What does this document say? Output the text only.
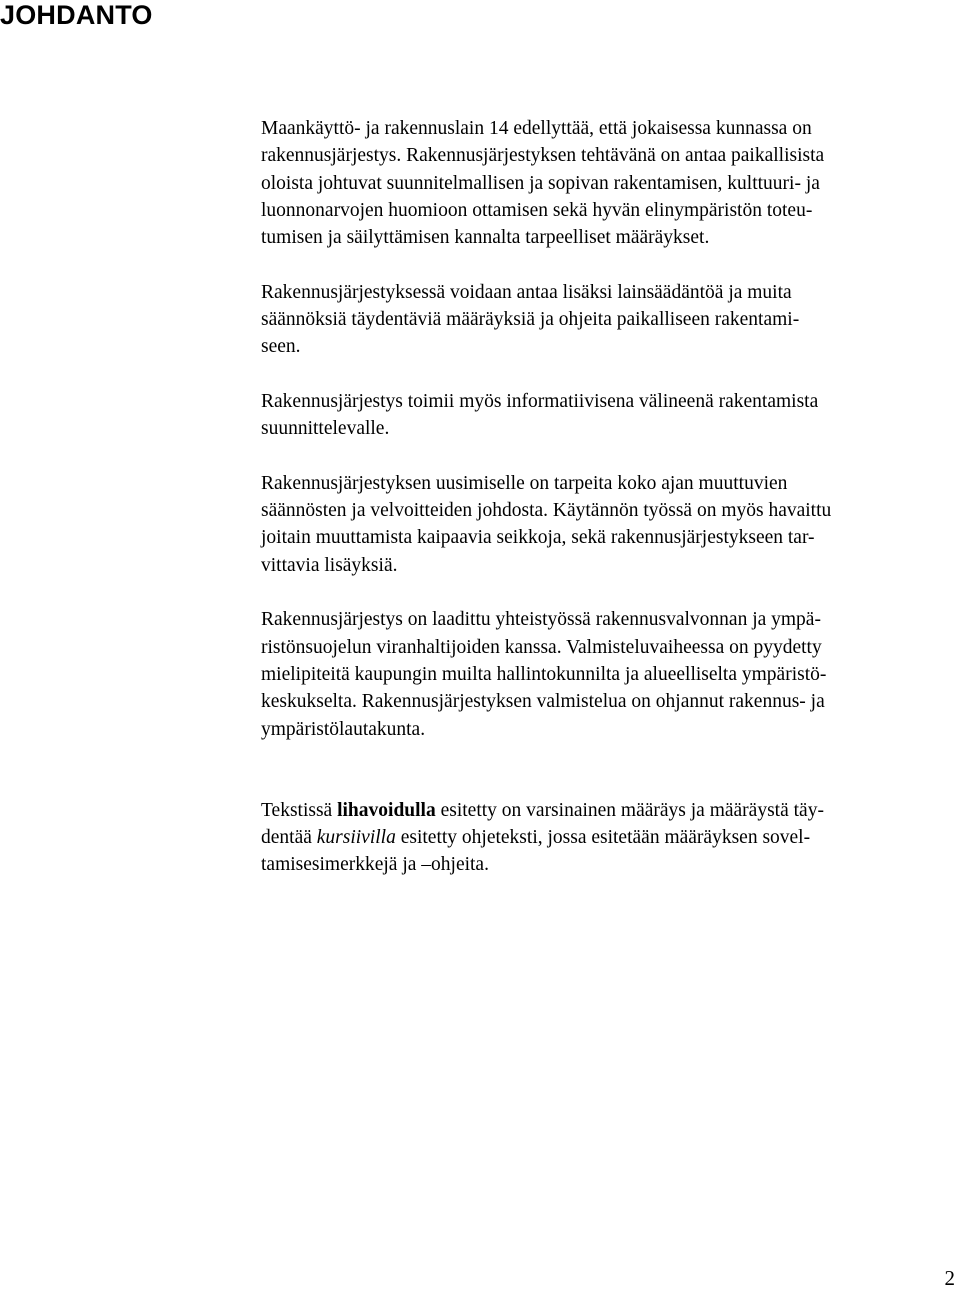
JOHDANTO

Maankäyttö- ja rakennuslain 14 edellyttää, että jokaisessa kunnassa on

rakennusjärjestys. Rakennusjärjestyksen tehtävänä on antaa paikallisista

oloista johtuvat suunnitelmallisen ja sopivan rakentamisen, kulttuuri- ja

luonnonarvojen huomioon ottamisen sekä hyvän elinympäristön toteu-

tumisen ja säilyttämisen kannalta tarpeelliset määräykset.

Rakennusjärjestyksessä voidaan antaa lisäksi lainsäädäntöä ja muita

säännöksiä täydentäviä määräyksiä ja ohjeita paikalliseen rakentami-

seen.

Rakennusjärjestys toimii myös informatiivisena välineenä rakentamista

suunnittelevalle.

Rakennusjärjestyksen uusimiselle on tarpeita koko ajan muuttuvien

säännösten ja velvoitteiden johdosta. Käytännön työssä on myös havaittu

joitain muuttamista kaipaavia seikkoja, sekä rakennusjärjestykseen tar-

vittavia lisäyksiä.

Rakennusjärjestys on laadittu yhteistyössä rakennusvalvonnan ja ympä-

ristönsuojelun viranhaltijoiden kanssa. Valmisteluvaiheessa on pyydetty

mielipiteitä kaupungin muilta hallintokunnilta ja alueelliselta ympäristö-

keskukselta. Rakennusjärjestyksen valmistelua on ohjannut rakennus- ja

ympäristölautakunta.

Tekstissä lihavoidulla esitetty on varsinainen määräys ja määräystä täy-

dentää kursiivilla esitetty ohjeteksti, jossa esitetään määräyksen sovel-

tamisesimerkkejä ja –ohjeita.

2
